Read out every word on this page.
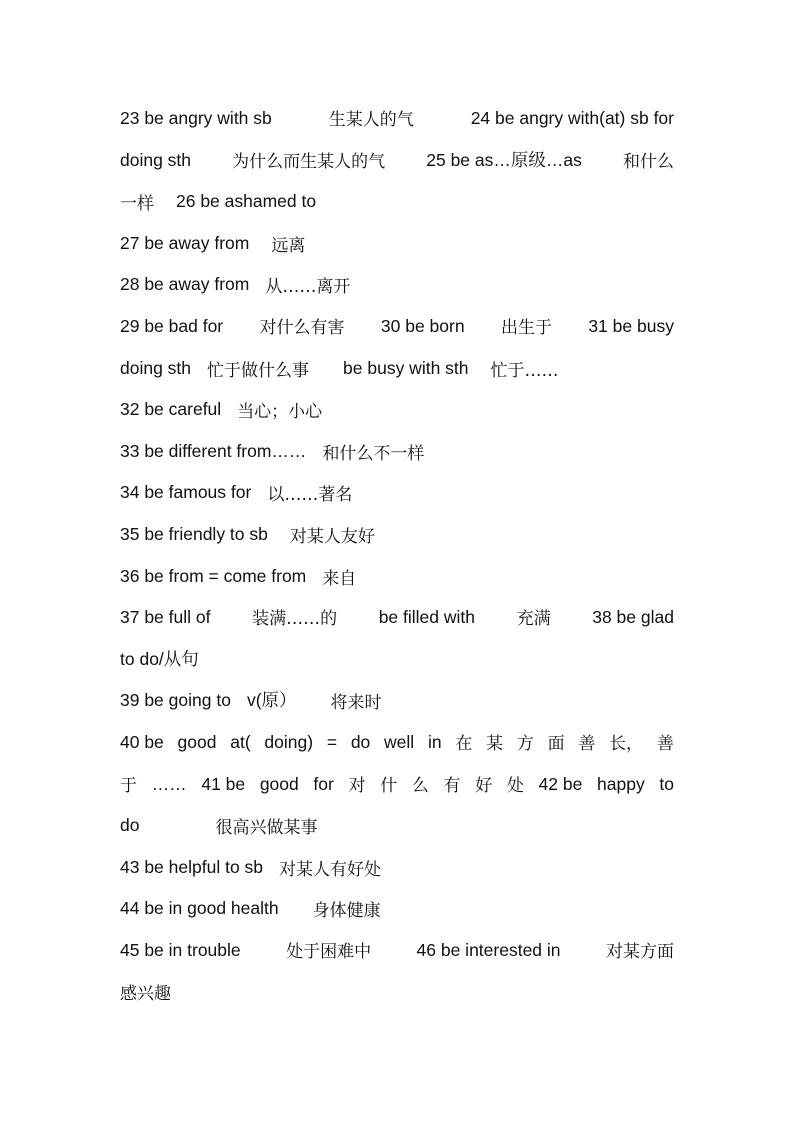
23 be angry with sb	生某人的气	24 be angry with(at) sb for
doing sth 为什么而生某人的气 25 be as…原级…as 和什么
一样 26 be ashamed to
27 be away from 远离
28 be away from 从……离开
29 be bad for 对什么有害 30 be born 出生于 31 be busy
doing sth 忙于做什么事 be busy with sth 忙于……
32 be careful 当心；小心
33 be different from…… 和什么不一样
34 be famous for 以……著名
35 be friendly to sb 对某人友好
36 be from = come from 来自
37 be full of 装满……的 be filled with 充满 38 be glad
to do/从句
39 be going to v(原） 将来时
40 be good at( doing) = do well in 在 某 方 面 善 长， 善
于 …… 41 be good for 对 什 么 有 好 处 42 be happy to
do	很高兴做某事
43 be helpful to sb 对某人有好处
44 be in good health 身体健康
45 be in trouble	处于困难中	46 be interested in	对某方面
感兴趣
